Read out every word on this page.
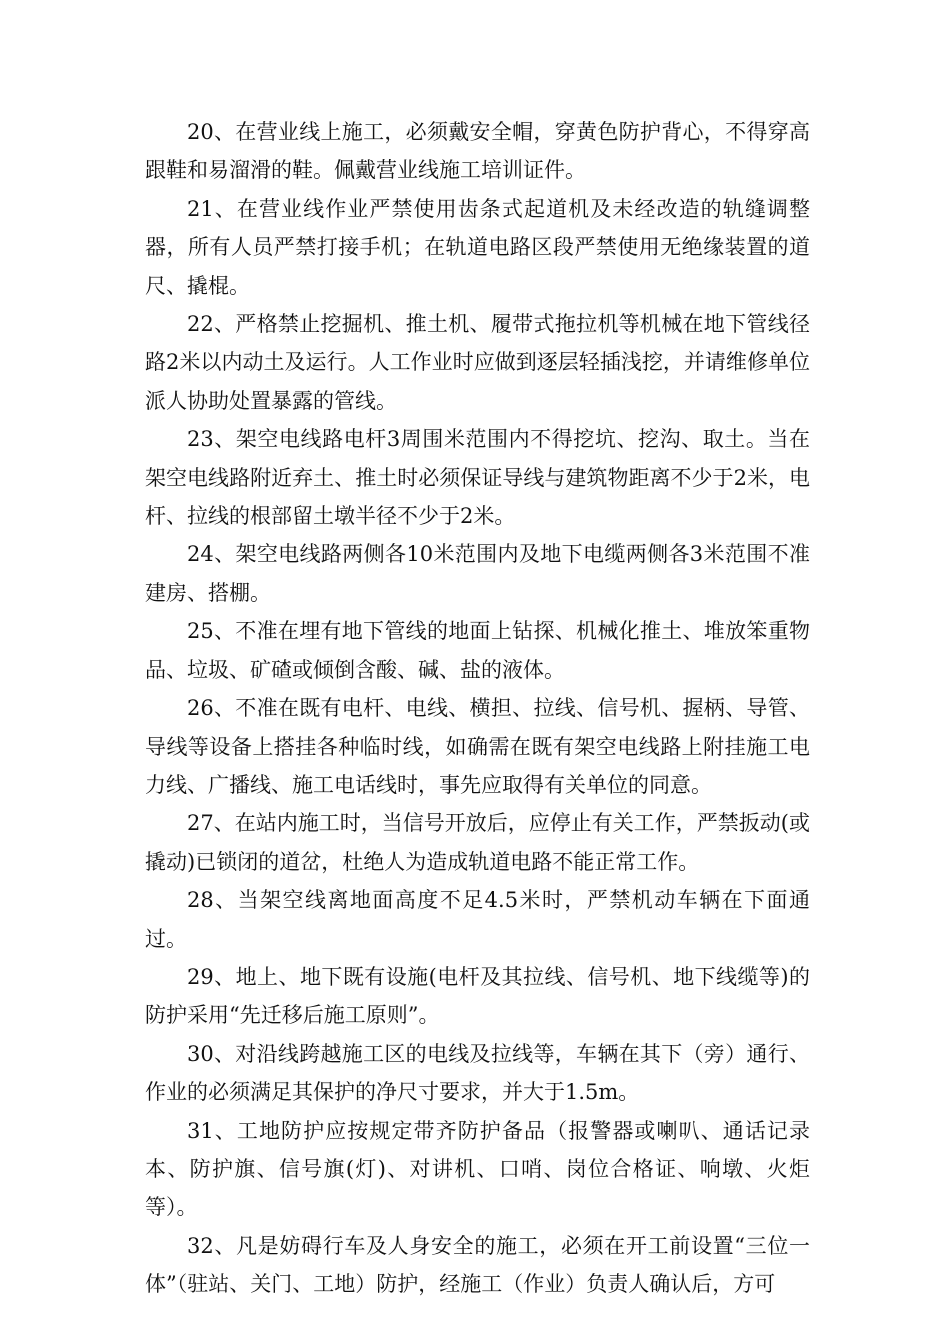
20、在营业线上施工，必须戴安全帽，穿黄色防护背心，不得穿高跟鞋和易溜滑的鞋。佩戴营业线施工培训证件。

21、在营业线作业严禁使用齿条式起道机及未经改造的轨缝调整器，所有人员严禁打接手机；在轨道电路区段严禁使用无绝缘装置的道尺、撬棍。

22、严格禁止挖掘机、推土机、履带式拖拉机等机械在地下管线径路2米以内动土及运行。人工作业时应做到逐层轻插浅挖，并请维修单位派人协助处置暴露的管线。

23、架空电线路电杆3周围米范围内不得挖坑、挖沟、取土。当在架空电线路附近弃土、推土时必须保证导线与建筑物距离不少于2米，电杆、拉线的根部留土墩半径不少于2米。

24、架空电线路两侧各10米范围内及地下电缆两侧各3米范围不准建房、搭棚。

25、不准在埋有地下管线的地面上钻探、机械化推土、堆放笨重物品、垃圾、矿碴或倾倒含酸、碱、盐的液体。

26、不准在既有电杆、电线、横担、拉线、信号机、握柄、导管、导线等设备上搭挂各种临时线，如确需在既有架空电线路上附挂施工电力线、广播线、施工电话线时，事先应取得有关单位的同意。

27、在站内施工时，当信号开放后，应停止有关工作，严禁扳动(或撬动)已锁闭的道岔，杜绝人为造成轨道电路不能正常工作。

28、当架空线离地面高度不足4.5米时，严禁机动车辆在下面通过。

29、地上、地下既有设施(电杆及其拉线、信号机、地下线缆等)的防护采用“先迁移后施工原则”。

30、对沿线跨越施工区的电线及拉线等，车辆在其下（旁）通行、作业的必须满足其保护的净尺寸要求，并大于1.5m。

31、工地防护应按规定带齐防护备品（报警器或喇叭、通话记录本、防护旗、信号旗(灯)、对讲机、口哨、岗位合格证、响墩、火炬等）。

32、凡是妨碍行车及人身安全的施工，必须在开工前设置“三位一体”（驻站、关门、工地）防护，经施工（作业）负责人确认后，方可
